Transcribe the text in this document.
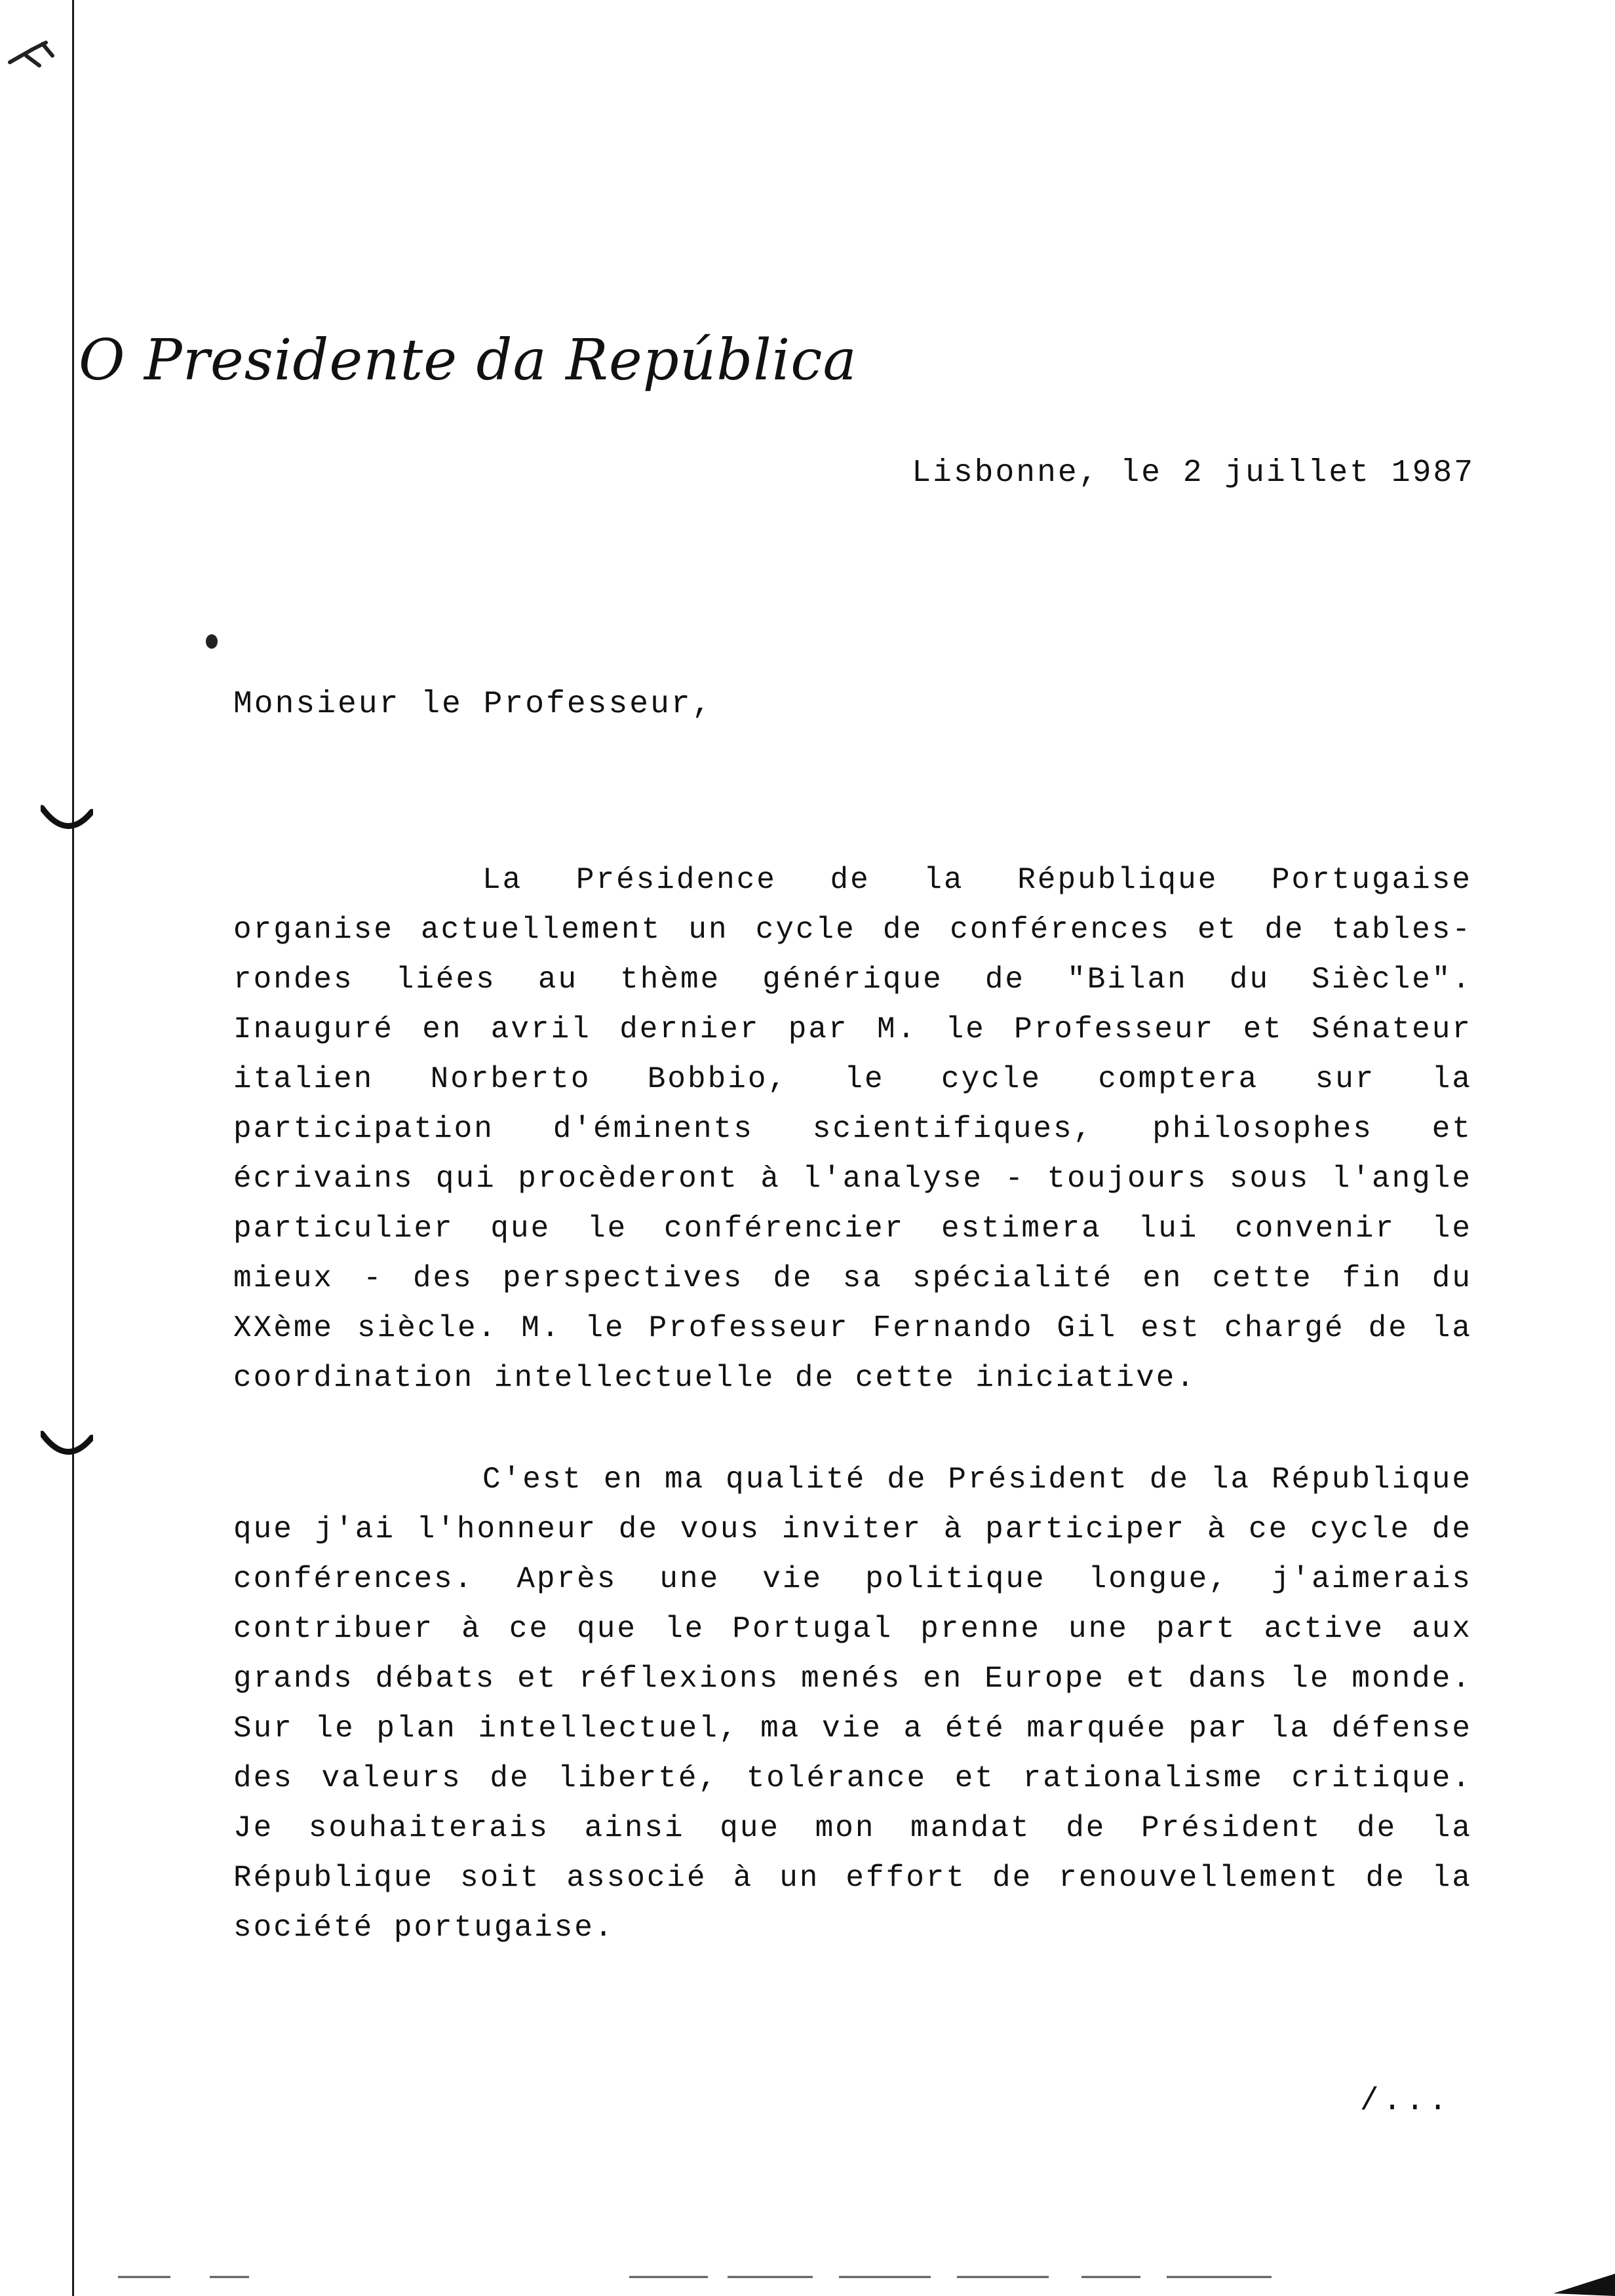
O Presidente da República
Lisbonne, le 2 juillet 1987
Monsieur le Professeur,

La Présidence de la République Portugaise organise actuellement un cycle de conférences et de tables-rondes liées au thème générique de "Bilan du Siècle". Inauguré en avril dernier par M. le Professeur et Sénateur italien Norberto Bobbio, le cycle comptera sur la participation d'éminents scientifiques, philosophes et écrivains qui procèderont à l'analyse - toujours sous l'angle particulier que le conférencier estimera lui convenir le mieux - des perspectives de sa spécialité en cette fin du XXème siècle. M. le Professeur Fernando Gil est chargé de la coordination intellectuelle de cette iniciative.

C'est en ma qualité de Président de la République que j'ai l'honneur de vous inviter à participer à ce cycle de conférences. Après une vie politique longue, j'aimerais contribuer à ce que le Portugal prenne une part active aux grands débats et réflexions menés en Europe et dans le monde. Sur le plan intellectuel, ma vie a été marquée par la défense des valeurs de liberté, tolérance et rationalisme critique. Je souhaiterais ainsi que mon mandat de Président de la République soit associé à un effort de renouvellement de la société portugaise.

/...
